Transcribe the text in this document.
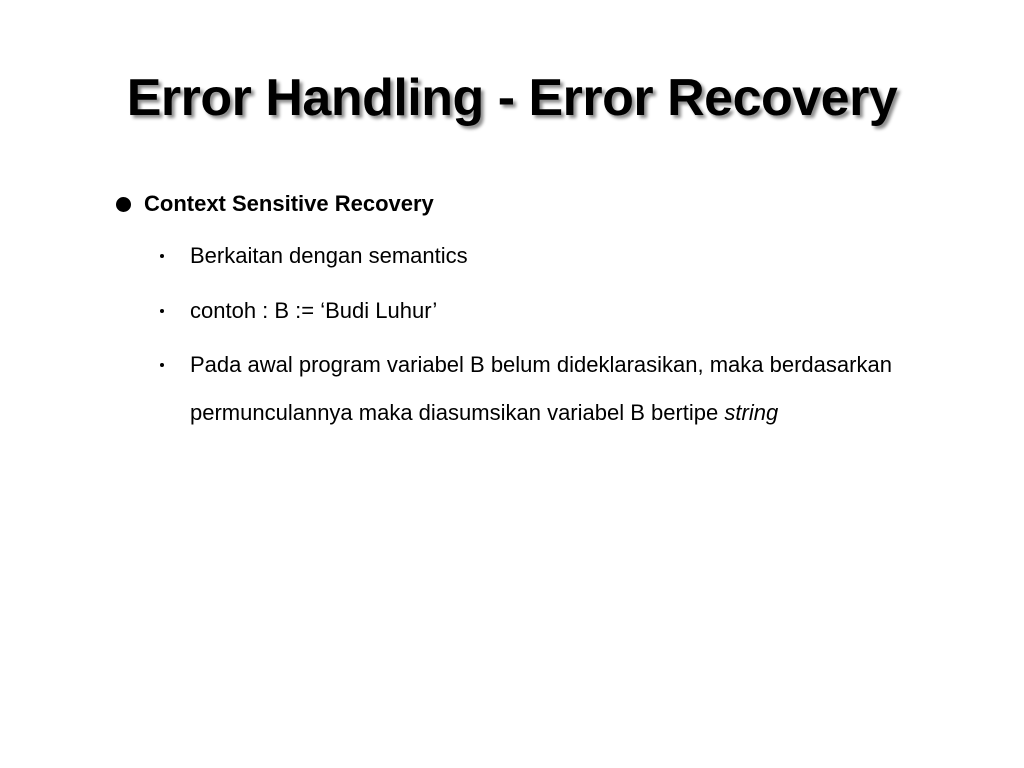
Error Handling - Error Recovery
Context Sensitive Recovery
Berkaitan dengan semantics
contoh : B := ‘Budi Luhur’
Pada awal program variabel B belum dideklarasikan, maka berdasarkan permunculannya maka diasumsikan variabel B bertipe string
